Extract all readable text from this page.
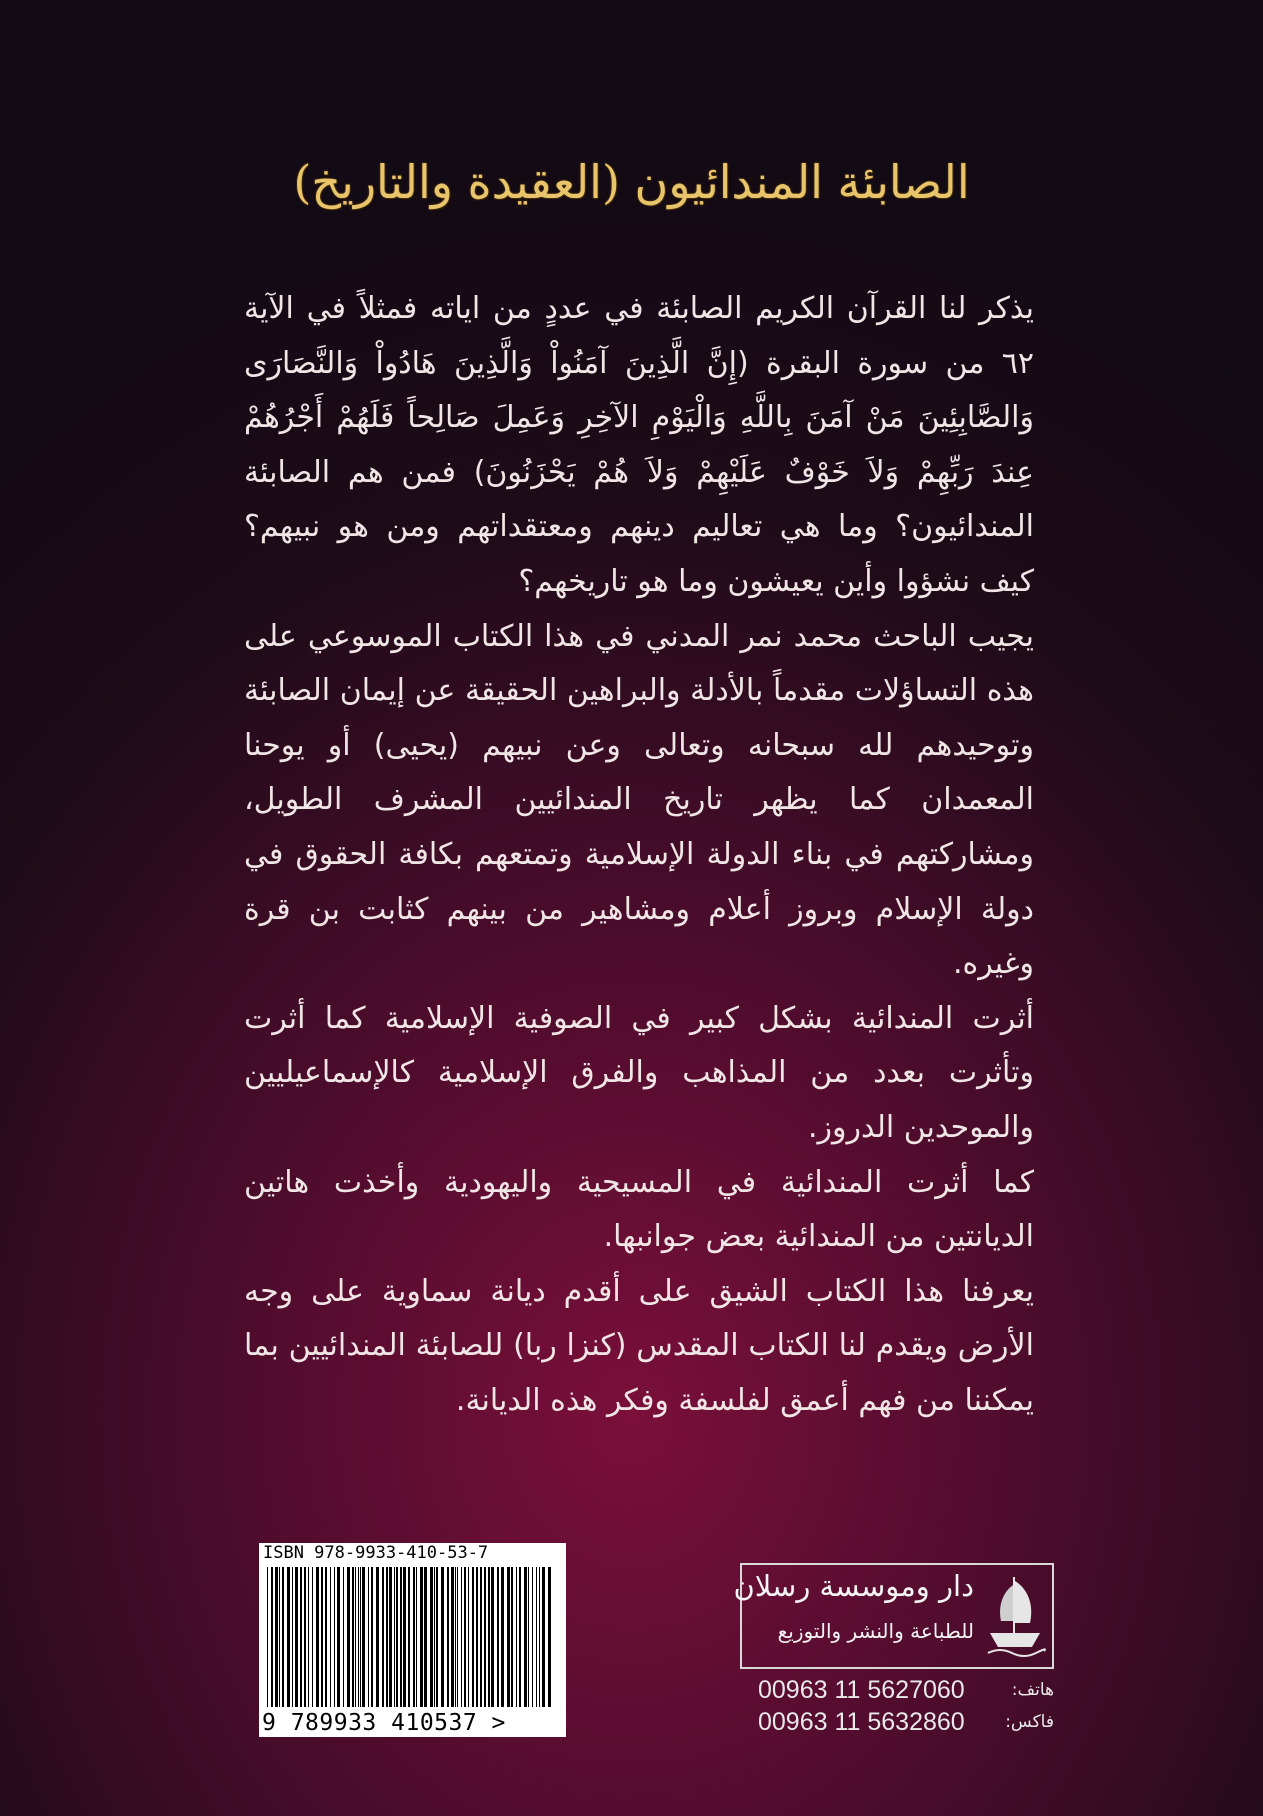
الصابئة المندائيون (العقيدة والتاريخ)

يذكر لنا القرآن الكريم الصابئة في عددٍ من اياته فمثلاً في الآية ٦٢ من سورة البقرة (إِنَّ الَّذِينَ آمَنُواْ وَالَّذِينَ هَادُواْ وَالنَّصَارَى وَالصَّابِئِينَ مَنْ آمَنَ بِاللَّهِ وَالْيَوْمِ الآخِرِ وَعَمِلَ صَالِحاً فَلَهُمْ أَجْرُهُمْ عِندَ رَبِّهِمْ وَلاَ خَوْفٌ عَلَيْهِمْ وَلاَ هُمْ يَحْزَنُونَ) فمن هم الصابئة المندائيون؟ وما هي تعاليم دينهم ومعتقداتهم ومن هو نبيهم؟ كيف نشؤوا وأين يعيشون وما هو تاريخهم؟

يجيب الباحث محمد نمر المدني في هذا الكتاب الموسوعي على هذه التساؤلات مقدماً بالأدلة والبراهين الحقيقة عن إيمان الصابئة وتوحيدهم لله سبحانه وتعالى وعن نبيهم (يحيى) أو يوحنا المعمدان كما يظهر تاريخ المندائيين المشرف الطويل، ومشاركتهم في بناء الدولة الإسلامية وتمتعهم بكافة الحقوق في دولة الإسلام وبروز أعلام ومشاهير من بينهم كثابت بن قرة وغيره.

أثرت المندائية بشكل كبير في الصوفية الإسلامية كما أثرت وتأثرت بعدد من المذاهب والفرق الإسلامية كالإسماعيليين والموحدين الدروز.

كما أثرت المندائية في المسيحية واليهودية وأخذت هاتين الديانتين من المندائية بعض جوانبها.

يعرفنا هذا الكتاب الشيق على أقدم ديانة سماوية على وجه الأرض ويقدم لنا الكتاب المقدس (كنزا ربا) للصابئة المندائيين بما يمكننا من فهم أعمق لفلسفة وفكر هذه الديانة.

ISBN 978-9933-410-53-7
9 789933 410537 >
دار وموسسة رسلان
للطباعة والنشر والتوزيع
00963 11 5627060	هاتف:
00963 11 5632860 فاكس:
